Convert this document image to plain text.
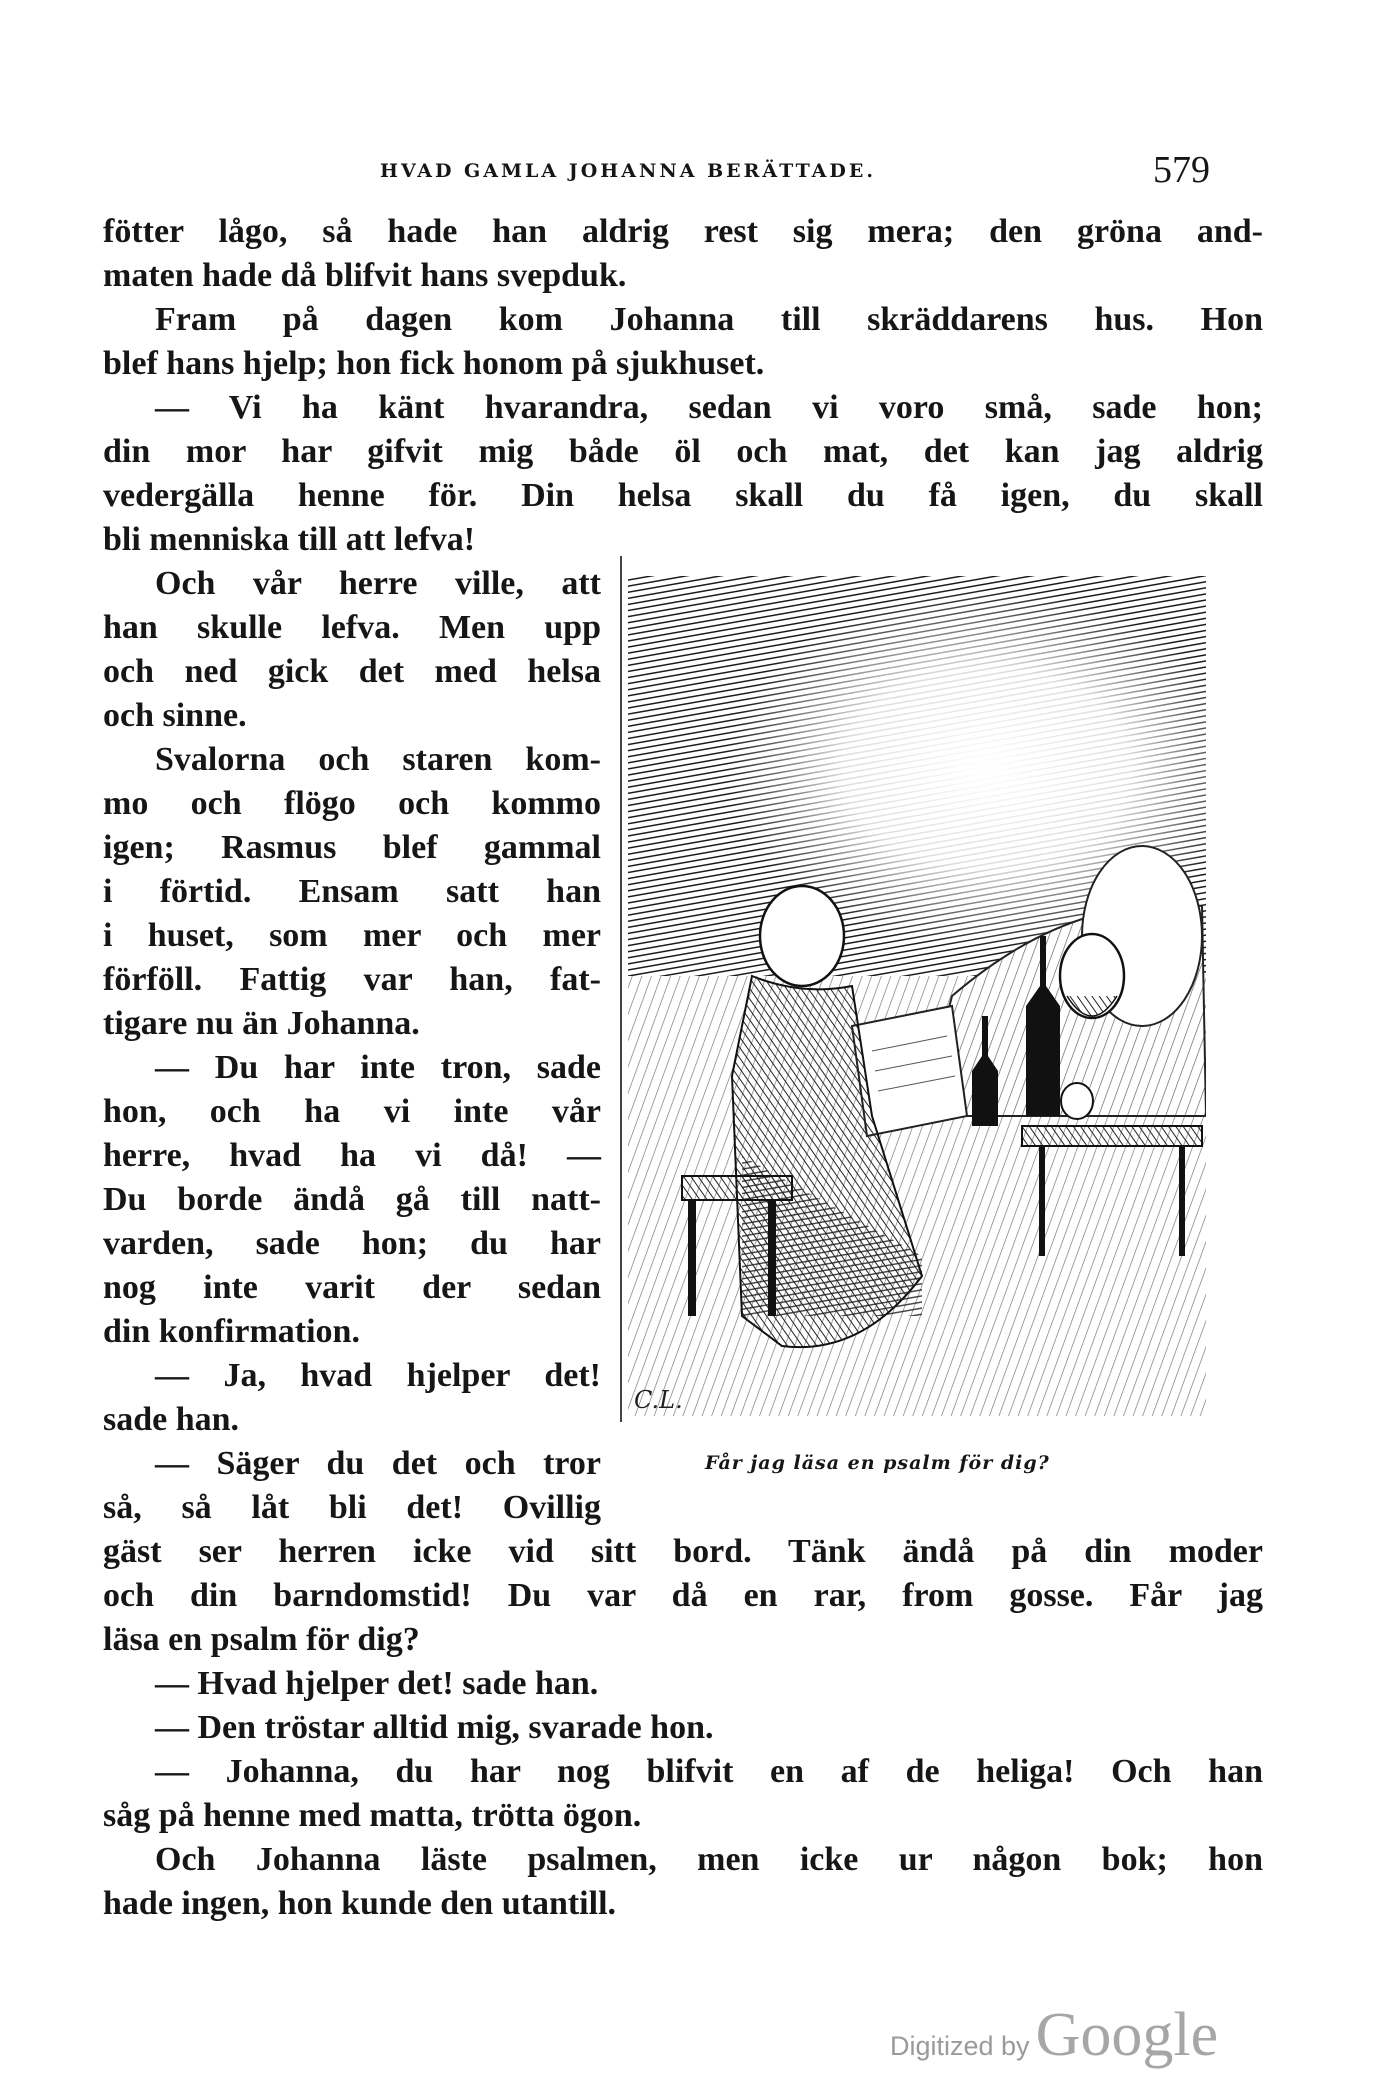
HVAD GAMLA JOHANNA BERÄTTADE.	579
fötter lågo, så hade han aldrig rest sig mera; den gröna and-
maten hade då blifvit hans svepduk.
Fram på dagen kom Johanna till skräddarens hus. Hon
blef hans hjelp; hon fick honom på sjukhuset.
— Vi ha känt hvarandra, sedan vi voro små, sade hon;
din mor har gifvit mig både öl och mat, det kan jag aldrig
vedergälla henne för. Din helsa skall du få igen, du skall
bli menniska till att lefva!
Och vår herre ville, att
han skulle lefva. Men upp
och ned gick det med helsa
och sinne.
Svalorna och staren kom-
mo och flögo och kommo
igen; Rasmus blef gammal
i förtid. Ensam satt han
i huset, som mer och mer
förföll. Fattig var han, fat-
tigare nu än Johanna.
— Du har inte tron, sade
hon, och ha vi inte vår
herre, hvad ha vi då! —
Du borde ändå gå till natt-
varden, sade hon; du har
nog inte varit der sedan
din konfirmation.
— Ja, hvad hjelper det!
sade han.
— Säger du det och tror
så, så låt bli det! Ovillig
gäst ser herren icke vid sitt bord. Tänk ändå på din moder
och din barndomstid! Du var då en rar, from gosse. Får jag
läsa en psalm för dig?
— Hvad hjelper det! sade han.
— Den tröstar alltid mig, svarade hon.
— Johanna, du har nog blifvit en af de heliga! Och han
såg på henne med matta, trötta ögon.
Och Johanna läste psalmen, men icke ur någon bok; hon
hade ingen, hon kunde den utantill.
C.L.
Får jag läsa en psalm för dig?
Digitized by Google
